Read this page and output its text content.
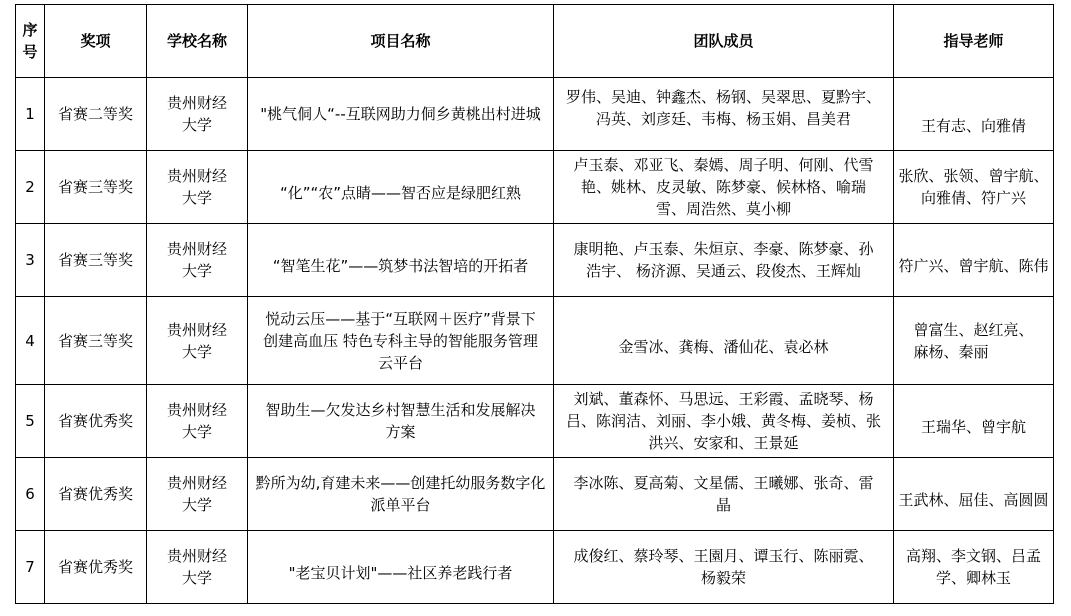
序号	奖项	学校名称	项目名称	团队成员	指导老师
1	省赛二等奖	贵州财经大学	"桃气侗人“--互联网助力侗乡黄桃出村进城	罗伟、吴迪、钟鑫杰、杨钢、吴翠思、夏黔宇、冯英、刘彦廷、韦梅、杨玉娟、昌美君	王有志、向雅倩

2	省赛三等奖	贵州财经大学	“化”“农”点睛——智否应是绿肥红熟	卢玉泰、邓亚飞、秦嫣、周子明、何刚、代雪艳、姚林、皮灵敏、陈梦豪、候林格、喻瑞雪、周浩然、莫小柳	张欣、张领、曾宇航、向雅倩、符广兴

3	省赛三等奖	贵州财经大学	“智笔生花”——筑梦书法智培的开拓者	康明艳、卢玉泰、朱烜京、李豪、陈梦豪、孙浩宇、 杨济源、吴通云、段俊杰、王辉灿	符广兴、曾宇航、陈伟

4	省赛三等奖	贵州财经大学	悦动云压——基于“互联网＋医疗”背景下创建高血压 特色专科主导的智能服务管理云平台	金雪冰、龚梅、潘仙花、袁必林	曾富生、赵红亮、麻杨、秦丽

5	省赛优秀奖	贵州财经大学	智助生—欠发达乡村智慧生活和发展解决方案	刘斌、董森怀、马思远、王彩霞、孟晓琴、杨吕、陈润洁、刘丽、李小娥、黄冬梅、姜桢、张洪兴、安家和、王景延	王瑞华、曾宇航

6	省赛优秀奖	贵州财经大学	黔所为幼,育建未来——创建托幼服务数字化派单平台	李冰陈、夏高菊、文星儒、王曦娜、张奇、雷晶	王武林、屈佳、高圆圆

7	省赛优秀奖	贵州财经大学	"老宝贝计划"——社区养老践行者	成俊红、蔡玲琴、王園月、谭玉行、陈丽霓、杨毅荣	高翔、李文钢、吕孟学、卿林玉
